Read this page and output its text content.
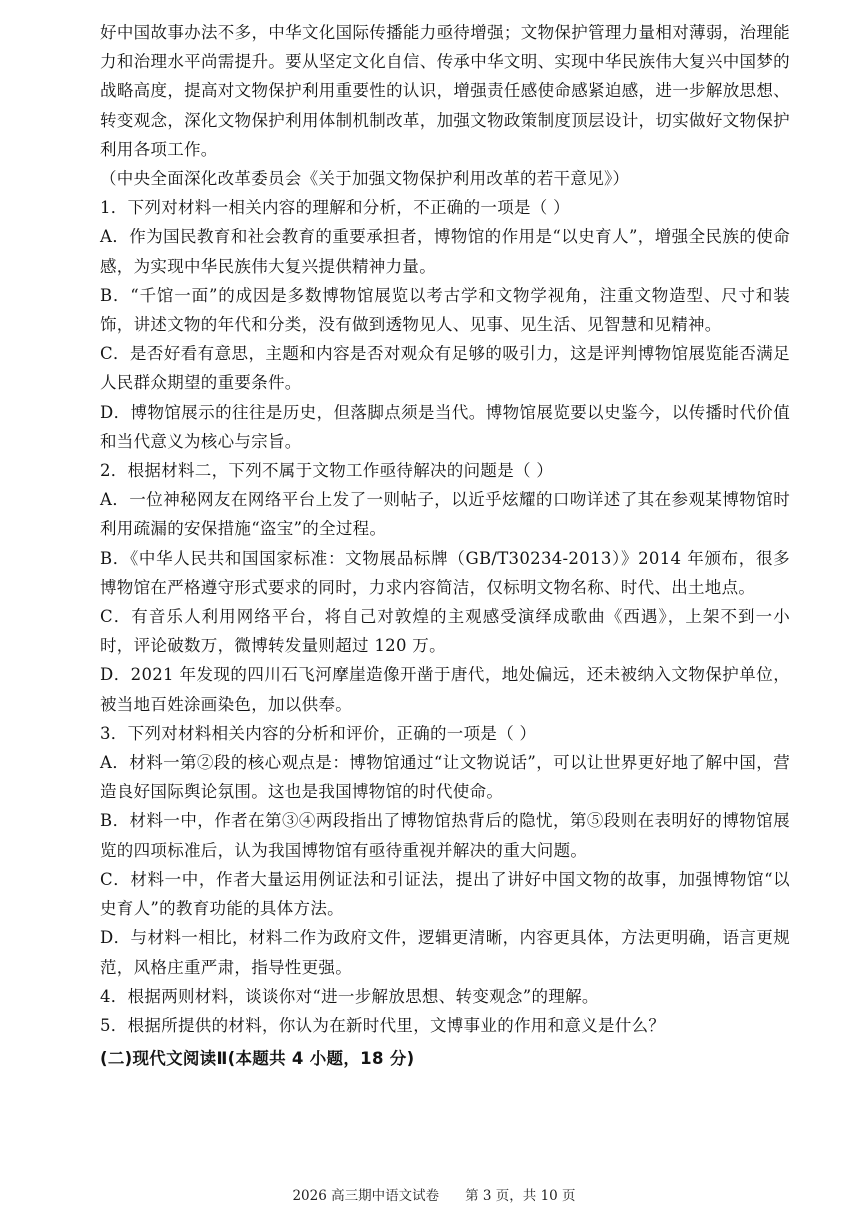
好中国故事办法不多，中华文化国际传播能力亟待增强；文物保护管理力量相对薄弱，治理能力和治理水平尚需提升。要从坚定文化自信、传承中华文明、实现中华民族伟大复兴中国梦的战略高度，提高对文物保护利用重要性的认识，增强责任感使命感紧迫感，进一步解放思想、转变观念，深化文物保护利用体制机制改革，加强文物政策制度顶层设计，切实做好文物保护利用各项工作。

（中央全面深化改革委员会《关于加强文物保护利用改革的若干意见》）

1．下列对材料一相关内容的理解和分析，不正确的一项是（ ）

A．作为国民教育和社会教育的重要承担者，博物馆的作用是“以史育人”，增强全民族的使命感，为实现中华民族伟大复兴提供精神力量。

B．“千馆一面”的成因是多数博物馆展览以考古学和文物学视角，注重文物造型、尺寸和装饰，讲述文物的年代和分类，没有做到透物见人、见事、见生活、见智慧和见精神。

C．是否好看有意思，主题和内容是否对观众有足够的吸引力，这是评判博物馆展览能否满足人民群众期望的重要条件。

D．博物馆展示的往往是历史，但落脚点须是当代。博物馆展览要以史鉴今，以传播时代价值和当代意义为核心与宗旨。

2．根据材料二，下列不属于文物工作亟待解决的问题是（ ）

A．一位神秘网友在网络平台上发了一则帖子，以近乎炫耀的口吻详述了其在参观某博物馆时利用疏漏的安保措施“盗宝”的全过程。

B．《中华人民共和国国家标准：文物展品标牌（GB/T30234-2013）》2014 年颁布，很多博物馆在严格遵守形式要求的同时，力求内容简洁，仅标明文物名称、时代、出土地点。

C．有音乐人利用网络平台，将自己对敦煌的主观感受演绎成歌曲《西遇》，上架不到一小时，评论破数万，微博转发量则超过 120 万。

D．2021 年发现的四川石飞河摩崖造像开凿于唐代，地处偏远，还未被纳入文物保护单位，被当地百姓涂画染色，加以供奉。

3．下列对材料相关内容的分析和评价，正确的一项是（ ）

A．材料一第②段的核心观点是：博物馆通过“让文物说话”，可以让世界更好地了解中国，营造良好国际舆论氛围。这也是我国博物馆的时代使命。

B．材料一中，作者在第③④两段指出了博物馆热背后的隐忧，第⑤段则在表明好的博物馆展览的四项标准后，认为我国博物馆有亟待重视并解决的重大问题。

C．材料一中，作者大量运用例证法和引证法，提出了讲好中国文物的故事，加强博物馆“以史育人”的教育功能的具体方法。

D．与材料一相比，材料二作为政府文件，逻辑更清晰，内容更具体，方法更明确，语言更规范，风格庄重严肃，指导性更强。

4．根据两则材料，谈谈你对“进一步解放思想、转变观念”的理解。

5．根据所提供的材料，你认为在新时代里，文博事业的作用和意义是什么？

(二)现代文阅读Ⅱ(本题共 4 小题，18 分)

2026 高三期中语文试卷 第 3 页，共 10 页
